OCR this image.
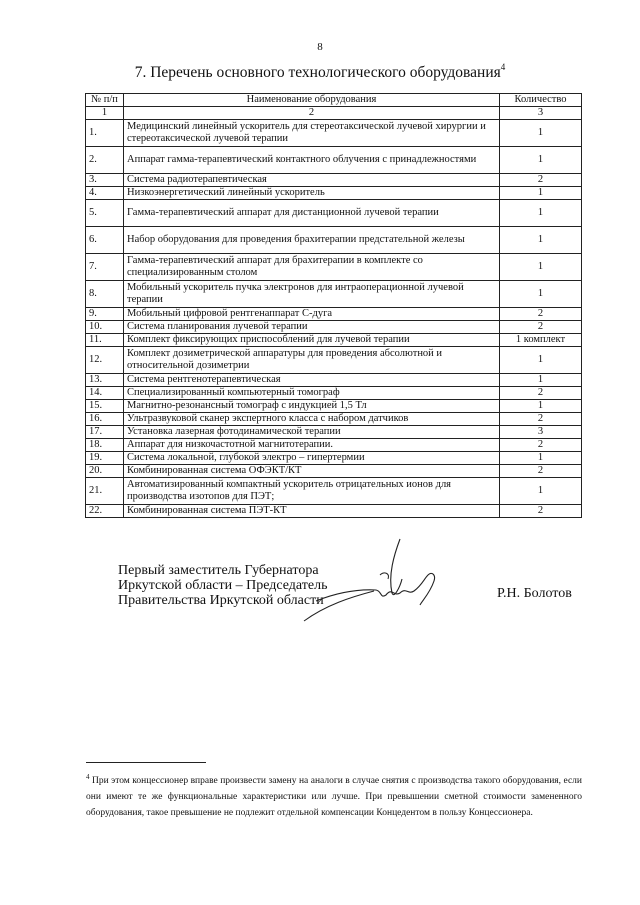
8
7. Перечень основного технологического оборудования$^4$
№ п/п	Наименование оборудования	Количество
1	2	3
1.	Медицинский линейный ускоритель для стереотаксической лучевой хирургии и стереотаксической лучевой терапии	1
2.	Аппарат гамма-терапевтический контактного облучения с принадлежностями	1
3.	Система радиотерапевтическая	2
4.	Низкоэнергетический линейный ускоритель	1
5.	Гамма-терапевтический аппарат для дистанционной лучевой терапии	1
6.	Набор оборудования для проведения брахитерапии предстательной железы	1
7.	Гамма-терапевтический аппарат для брахитерапии в комплекте со специализированным столом	1
8.	Мобильный ускоритель пучка электронов для интраоперационной лучевой терапии	1
9.	Мобильный цифровой рентгенаппарат С-дуга	2
10.	Система планирования лучевой терапии	2
11.	Комплект фиксирующих приспособлений для лучевой терапии	1 комплект
12.	Комплект дозиметрической аппаратуры для проведения абсолютной и относительной дозиметрии	1
13.	Система рентгенотерапевтическая	1
14.	Специализированный компьютерный томограф	2
15.	Магнитно-резонансный томограф с индукцией 1,5 Тл	1
16.	Ультразвуковой сканер экспертного класса с набором датчиков	2
17.	Установка лазерная фотодинамической терапии	3
18.	Аппарат для низкочастотной магнитотерапии.	2
19.	Система локальной, глубокой электро – гипертермии	1
20.	Комбинированная система ОФЭКТ/КТ	2
21.	Автоматизированный компактный ускоритель отрицательных ионов для производства изотопов для ПЭТ;	1
22.	Комбинированная система ПЭТ-КТ	2
Первый заместитель Губернатора
Иркутской области – Председатель
Правительства Иркутской области	Р.Н. Болотов
$^4$ При этом концессионер вправе произвести замену на аналоги в случае снятия с производства такого оборудования, если они имеют те же функциональные характеристики или лучше. При превышении сметной стоимости замененного оборудования, такое превышение не подлежит отдельной компенсации Концедентом в пользу Концессионера.
